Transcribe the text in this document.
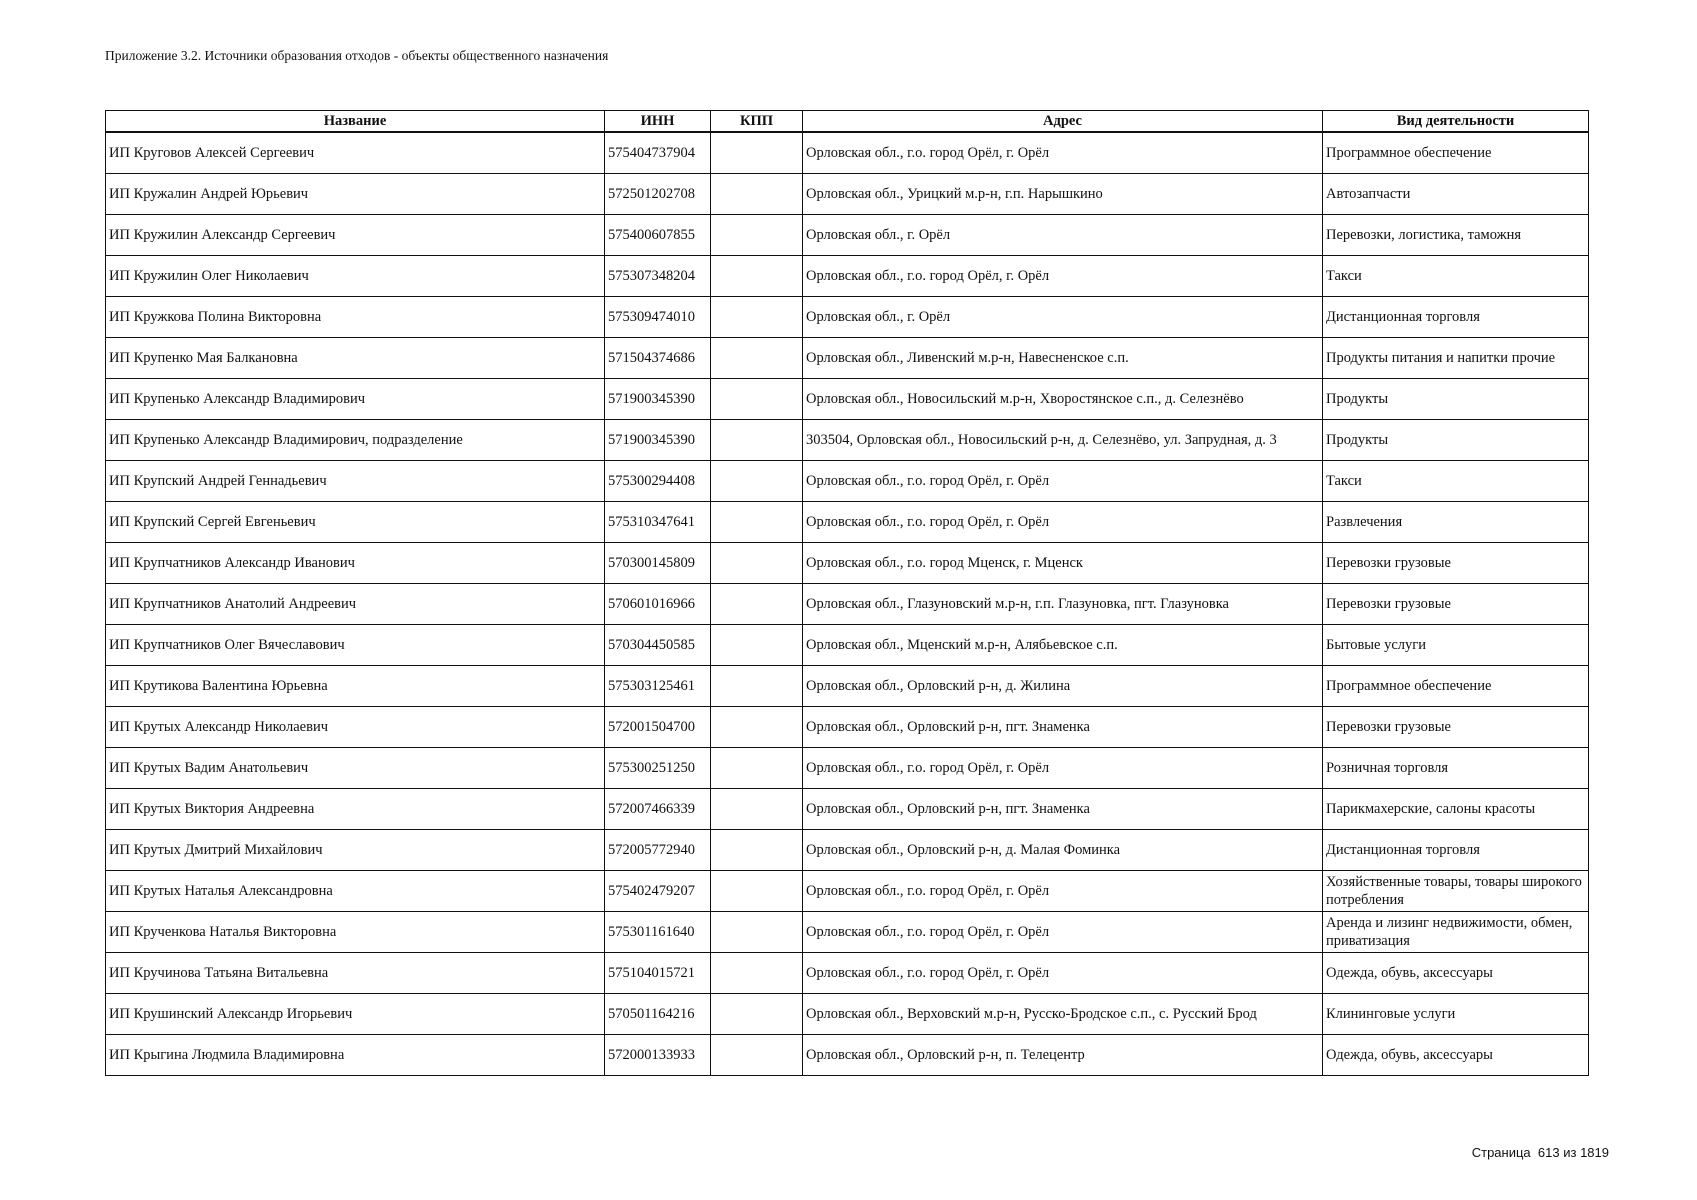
Приложение 3.2. Источники образования отходов - объекты общественного назначения
Название	ИНН	КПП	Адрес	Вид деятельности
ИП Круговов Алексей Сергеевич	575404737904		Орловская обл., г.о. город Орёл, г. Орёл	Программное обеспечение
ИП Кружалин Андрей Юрьевич	572501202708		Орловская обл., Урицкий м.р-н, г.п. Нарышкино	Автозапчасти
ИП Кружилин Александр Сергеевич	575400607855		Орловская обл., г. Орёл	Перевозки, логистика, таможня
ИП Кружилин Олег Николаевич	575307348204		Орловская обл., г.о. город Орёл, г. Орёл	Такси
ИП Кружкова Полина Викторовна	575309474010		Орловская обл., г. Орёл	Дистанционная торговля
ИП Крупенко Мая Балкановна	571504374686		Орловская обл., Ливенский м.р-н, Навесненское с.п.	Продукты питания и напитки прочие
ИП Крупенько Александр Владимирович	571900345390		Орловская обл., Новосильский м.р-н, Хворостянское с.п., д. Селезнёво	Продукты
ИП Крупенько Александр Владимирович, подразделение	571900345390		303504, Орловская обл., Новосильский р-н, д. Селезнёво, ул. Запрудная, д. 3	Продукты
ИП Крупский Андрей Геннадьевич	575300294408		Орловская обл., г.о. город Орёл, г. Орёл	Такси
ИП Крупский Сергей Евгеньевич	575310347641		Орловская обл., г.о. город Орёл, г. Орёл	Развлечения
ИП Крупчатников Александр Иванович	570300145809		Орловская обл., г.о. город Мценск, г. Мценск	Перевозки грузовые
ИП Крупчатников Анатолий Андреевич	570601016966		Орловская обл., Глазуновский м.р-н, г.п. Глазуновка, пгт. Глазуновка	Перевозки грузовые
ИП Крупчатников Олег Вячеславович	570304450585		Орловская обл., Мценский м.р-н, Алябьевское с.п.	Бытовые услуги
ИП Крутикова Валентина Юрьевна	575303125461		Орловская обл., Орловский р-н, д. Жилина	Программное обеспечение
ИП Крутых Александр Николаевич	572001504700		Орловская обл., Орловский р-н, пгт. Знаменка	Перевозки грузовые
ИП Крутых Вадим Анатольевич	575300251250		Орловская обл., г.о. город Орёл, г. Орёл	Розничная торговля
ИП Крутых Виктория Андреевна	572007466339		Орловская обл., Орловский р-н, пгт. Знаменка	Парикмахерские, салоны красоты
ИП Крутых Дмитрий Михайлович	572005772940		Орловская обл., Орловский р-н, д. Малая Фоминка	Дистанционная торговля
ИП Крутых Наталья Александровна	575402479207		Орловская обл., г.о. город Орёл, г. Орёл	Хозяйственные товары, товары широкого потребления
ИП Крученкова Наталья Викторовна	575301161640		Орловская обл., г.о. город Орёл, г. Орёл	Аренда и лизинг недвижимости, обмен, приватизация
ИП Кручинова Татьяна Витальевна	575104015721		Орловская обл., г.о. город Орёл, г. Орёл	Одежда, обувь, аксессуары
ИП Крушинский Александр Игорьевич	570501164216		Орловская обл., Верховский м.р-н, Русско-Бродское с.п., с. Русский Брод	Клининговые услуги
ИП Крыгина Людмила Владимировна	572000133933		Орловская обл., Орловский р-н, п. Телецентр	Одежда, обувь, аксессуары
Страница 613 из 1819
